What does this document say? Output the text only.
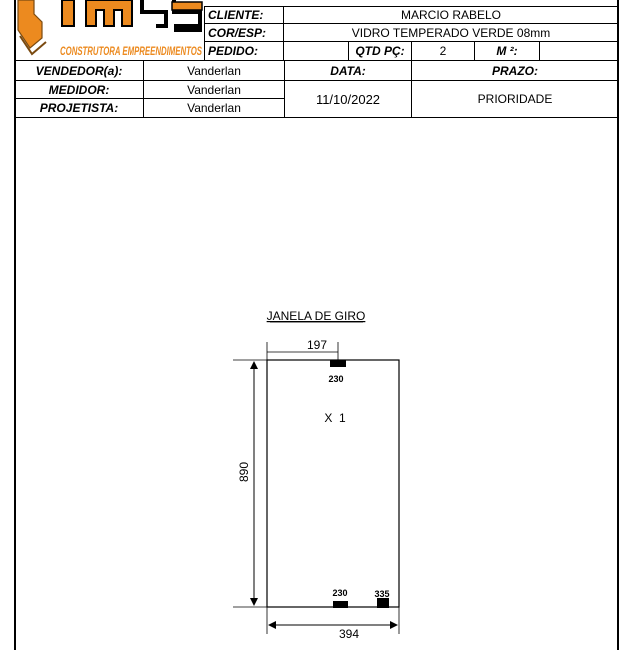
CONSTRUTORA EMPREENDIMENTOS
CLIENTE:	MARCIO RABELO
COR/ESP:	VIDRO TEMPERADO VERDE 08mm
PEDIDO:	QTD PÇ:	2	M ²:
VENDEDOR(a):	Vanderlan	DATA:	PRAZO:
MEDIDOR:	Vanderlan
PROJETISTA:	Vanderlan
11/10/2022	PRIORIDADE
JANELA DE GIRO
197
230
X  1
890
230	335
394
